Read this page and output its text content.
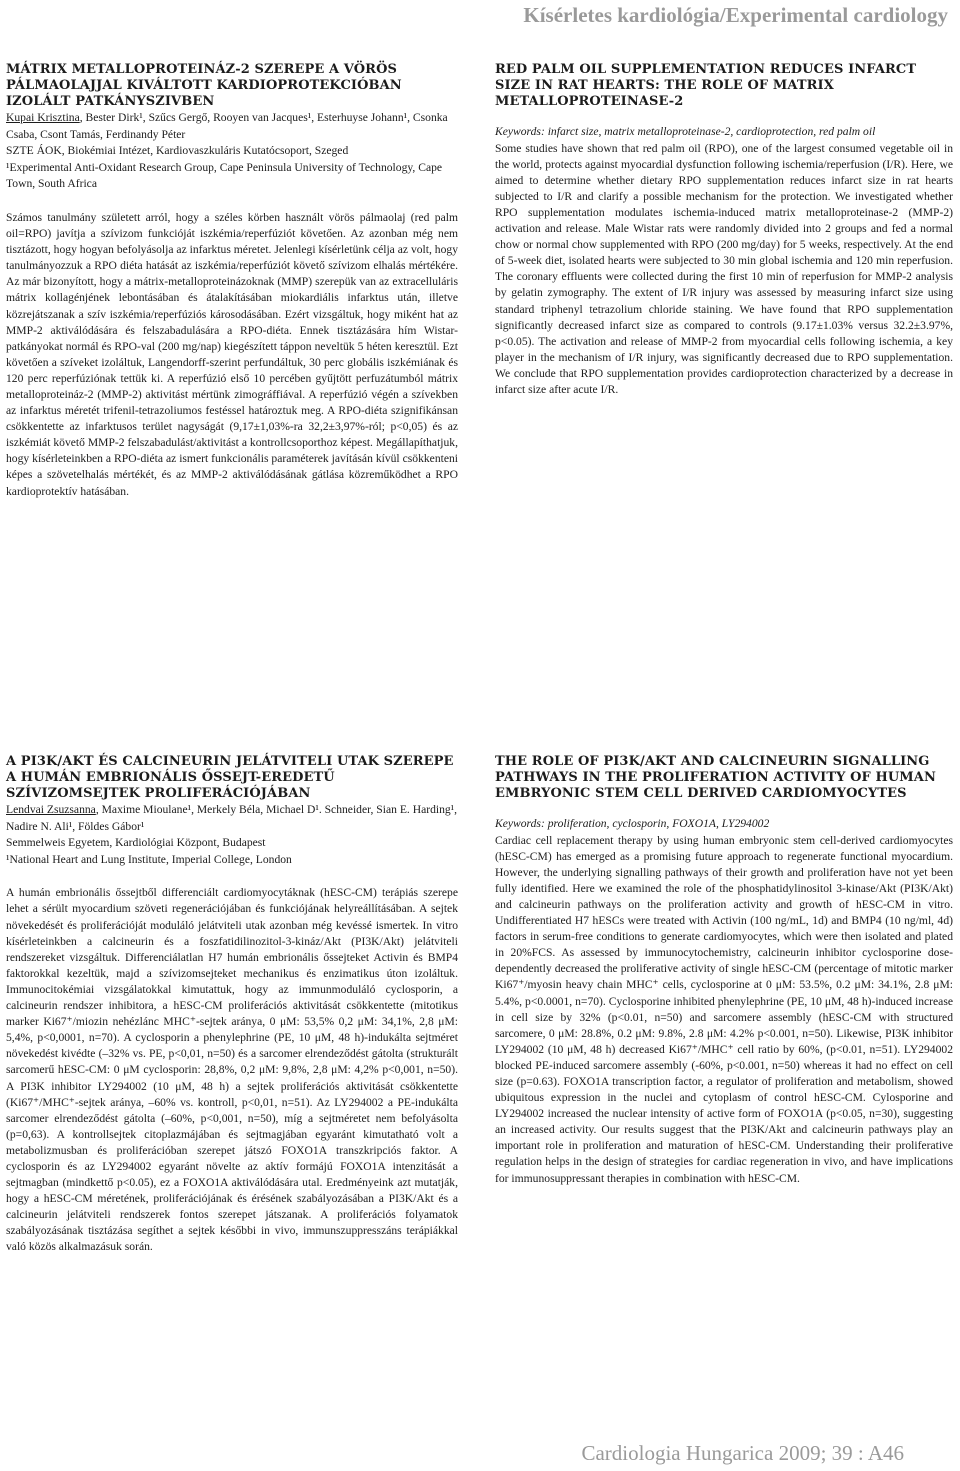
Kísérletes kardiológia/Experimental cardiology

MÁTRIX METALLOPROTEINÁZ-2 SZEREPE A VÖRÖS PÁLMAOLAJJAL KIVÁLTOTT KARDIOPROTEKCIÓBAN IZOLÁLT PATKÁNYSZIVBEN

Kupai Krisztina, Bester Dirk¹, Szűcs Gergő, Rooyen van Jacques¹, Esterhuyse Johann¹, Csonka Csaba, Csont Tamás, Ferdinandy Péter

SZTE ÁOK, Biokémiai Intézet, Kardiovaszkuláris Kutatócsoport, Szeged

¹Experimental Anti-Oxidant Research Group, Cape Peninsula University of Technology, Cape Town, South Africa

Számos tanulmány született arról, hogy a széles körben használt vörös pálmaolaj (red palm oil=RPO) javítja a szívizom funkcióját iszkémia/reperfúziót követően. Az azonban még nem tisztázott, hogy hogyan befolyásolja az infarktus méretet. Jelenlegi kísérletünk célja az volt, hogy tanulmányozzuk a RPO diéta hatását az iszkémia/reperfúziót követő szívizom elhalás mértékére. Az már bizonyított, hogy a mátrix-metalloproteinázoknak (MMP) szerepük van az extracelluláris mátrix kollagénjének lebontásában és átalakításában miokardiális infarktus után, illetve közrejátszanak a szív iszkémia/reperfúziós károsodásában. Ezért vizsgáltuk, hogy miként hat az MMP-2 aktiválódására és felszabadulására a RPO-diéta. Ennek tisztázására hím Wistar-patkányokat normál és RPO-val (200 mg/nap) kiegészített táppon neveltük 5 héten keresztül. Ezt követően a szíveket izoláltuk, Langendorff-szerint perfundáltuk, 30 perc globális iszkémiának és 120 perc reperfúziónak tettük ki. A reperfúzió első 10 percében gyűjtött perfuzátumból mátrix metalloproteináz-2 (MMP-2) aktivitást mértünk zimográffiával. A reperfúzió végén a szívekben az infarktus méretét trifenil-tetrazoliumos festéssel határoztuk meg. A RPO-diéta szignifikánsan csökkentette az infarktusos terület nagyságát (9,17±1,03%-ra 32,2±3,97%-ról; p<0,05) és az iszkémiát követő MMP-2 felszabadulást/aktivitást a kontrollcsoporthoz képest. Megállapíthatjuk, hogy kísérleteinkben a RPO-diéta az ismert funkcionális paraméterek javításán kívül csökkenteni képes a szövetelhalás mértékét, és az MMP-2 aktiválódásának gátlása közreműködhet a RPO kardioprotektív hatásában.

RED PALM OIL SUPPLEMENTATION REDUCES INFARCT SIZE IN RAT HEARTS: THE ROLE OF MATRIX METALLOPROTEINASE-2

Keywords: infarct size, matrix metalloproteinase-2, cardioprotection, red palm oil

Some studies have shown that red palm oil (RPO), one of the largest consumed vegetable oil in the world, protects against myocardial dysfunction following ischemia/reperfusion (I/R). Here, we aimed to determine whether dietary RPO supplementation reduces infarct size in rat hearts subjected to I/R and clarify a possible mechanism for the protection. We investigated whether RPO supplementation modulates ischemia-induced matrix metalloproteinase-2 (MMP-2) activation and release. Male Wistar rats were randomly divided into 2 groups and fed a normal chow or normal chow supplemented with RPO (200 mg/day) for 5 weeks, respectively. At the end of 5-week diet, isolated hearts were subjected to 30 min global ischemia and 120 min reperfusion. The coronary effluents were collected during the first 10 min of reperfusion for MMP-2 analysis by gelatin zymography. The extent of I/R injury was assessed by measuring infarct size using standard triphenyl tetrazolium chloride staining. We have found that RPO supplementation significantly decreased infarct size as compared to controls (9.17±1.03% versus 32.2±3.97%, p<0.05). The activation and release of MMP-2 from myocardial cells following ischemia, a key player in the mechanism of I/R injury, was significantly decreased due to RPO supplementation. We conclude that RPO supplementation provides cardioprotection characterized by a decrease in infarct size after acute I/R.

A PI3K/AKT ÉS CALCINEURIN JELÁTVITELI UTAK SZEREPE A HUMÁN EMBRIONÁLIS ŐSSEJT-EREDETŰ SZÍVIZOMSEJTEK PROLIFERÁCIÓJÁBAN

Lendvai Zsuzsanna, Maxime Mioulane¹, Merkely Béla, Michael D¹. Schneider, Sian E. Harding¹, Nadire N. Ali¹, Földes Gábor¹

Semmelweis Egyetem, Kardiológiai Központ, Budapest

¹National Heart and Lung Institute, Imperial College, London

A humán embrionális őssejtből differenciált cardiomyocytáknak (hESC-CM) terápiás szerepe lehet a sérült myocardium szöveti regenerációjában és funkciójának helyreállításában. A sejtek növekedését és proliferációját moduláló jelátviteli utak azonban még kevéssé ismertek. In vitro kísérleteinkben a calcineurin és a foszfatidilinozitol-3-kináz/Akt (PI3K/Akt) jelátviteli rendszereket vizsgáltuk. Differenciálatlan H7 humán embrionális őssejteket Activin és BMP4 faktorokkal kezeltük, majd a szívizomsejteket mechanikus és enzimatikus úton izoláltuk. Immunocitokémiai vizsgálatokkal kimutattuk, hogy az immunmoduláló cyclosporin, a calcineurin rendszer inhibitora, a hESC-CM proliferációs aktivitását csökkentette (mitotikus marker Ki67⁺/miozin nehézlánc MHC⁺-sejtek aránya, 0 μM: 53,5% 0,2 μM: 34,1%, 2,8 μM: 5,4%, p<0,0001, n=70). A cyclosporin a phenylephrine (PE, 10 μM, 48 h)-indukálta sejtméret növekedést kivédte (–32% vs. PE, p<0,01, n=50) és a sarcomer elrendeződést gátolta (strukturált sarcomerű hESC-CM: 0 μM cyclosporin: 28,8%, 0,2 μM: 9,8%, 2,8 μM: 4,2% p<0,001, n=50). A PI3K inhibitor LY294002 (10 μM, 48 h) a sejtek proliferációs aktivitását csökkentette (Ki67⁺/MHC⁺-sejtek aránya, –60% vs. kontroll, p<0,01, n=51). Az LY294002 a PE-indukálta sarcomer elrendeződést gátolta (–60%, p<0,001, n=50), míg a sejtméretet nem befolyásolta (p=0,63). A kontrollsejtek citoplazmájában és sejtmagjában egyaránt kimutatható volt a metabolizmusban és proliferációban szerepet játszó FOXO1A transzkripciós faktor. A cyclosporin és az LY294002 egyaránt növelte az aktív formájú FOXO1A intenzitását a sejtmagban (mindkettő p<0.05), ez a FOXO1A aktiválódására utal. Eredményeink azt mutatják, hogy a hESC-CM méretének, proliferációjának és érésének szabályozásában a PI3K/Akt és a calcineurin jelátviteli rendszerek fontos szerepet játszanak. A proliferációs folyamatok szabályozásának tisztázása segíthet a sejtek későbbi in vivo, immunszuppresszáns terápiákkal való közös alkalmazásuk során.

THE ROLE OF PI3K/AKT AND CALCINEURIN SIGNALLING PATHWAYS IN THE PROLIFERATION ACTIVITY OF HUMAN EMBRYONIC STEM CELL DERIVED CARDIOMYOCYTES

Keywords: proliferation, cyclosporin, FOXO1A, LY294002

Cardiac cell replacement therapy by using human embryonic stem cell-derived cardiomyocytes (hESC-CM) has emerged as a promising future approach to regenerate functional myocardium. However, the underlying signalling pathways of their growth and proliferation have not yet been fully identified. Here we examined the role of the phosphatidylinositol 3-kinase/Akt (PI3K/Akt) and calcineurin pathways on the proliferation activity and growth of hESC-CM in vitro. Undifferentiated H7 hESCs were treated with Activin (100 ng/mL, 1d) and BMP4 (10 ng/ml, 4d) factors in serum-free conditions to generate cardiomyocytes, which were then isolated and plated in 20%FCS. As assessed by immunocytochemistry, calcineurin inhibitor cyclosporine dose-dependently decreased the proliferative activity of single hESC-CM (percentage of mitotic marker Ki67⁺/myosin heavy chain MHC⁺ cells, cyclosporine at 0 μM: 53.5%, 0.2 μM: 34.1%, 2.8 μM: 5.4%, p<0.0001, n=70). Cyclosporine inhibited phenylephrine (PE, 10 μM, 48 h)-induced increase in cell size by 32% (p<0.01, n=50) and sarcomere assembly (hESC-CM with structured sarcomere, 0 μM: 28.8%, 0.2 μM: 9.8%, 2.8 μM: 4.2% p<0.001, n=50). Likewise, PI3K inhibitor LY294002 (10 μM, 48 h) decreased Ki67⁺/MHC⁺ cell ratio by 60%, (p<0.01, n=51). LY294002 blocked PE-induced sarcomere assembly (-60%, p<0.001, n=50) whereas it had no effect on cell size (p=0.63). FOXO1A transcription factor, a regulator of proliferation and metabolism, showed ubiquitous expression in the nuclei and cytoplasm of control hESC-CM. Cylosporine and LY294002 increased the nuclear intensity of active form of FOXO1A (p<0.05, n=30), suggesting an increased activity. Our results suggest that the PI3K/Akt and calcineurin pathways play an important role in proliferation and maturation of hESC-CM. Understanding their proliferative regulation helps in the design of strategies for cardiac regeneration in vivo, and have implications for immunosuppressant therapies in combination with hESC-CM.

Cardiologia Hungarica 2009; 39 : A46
